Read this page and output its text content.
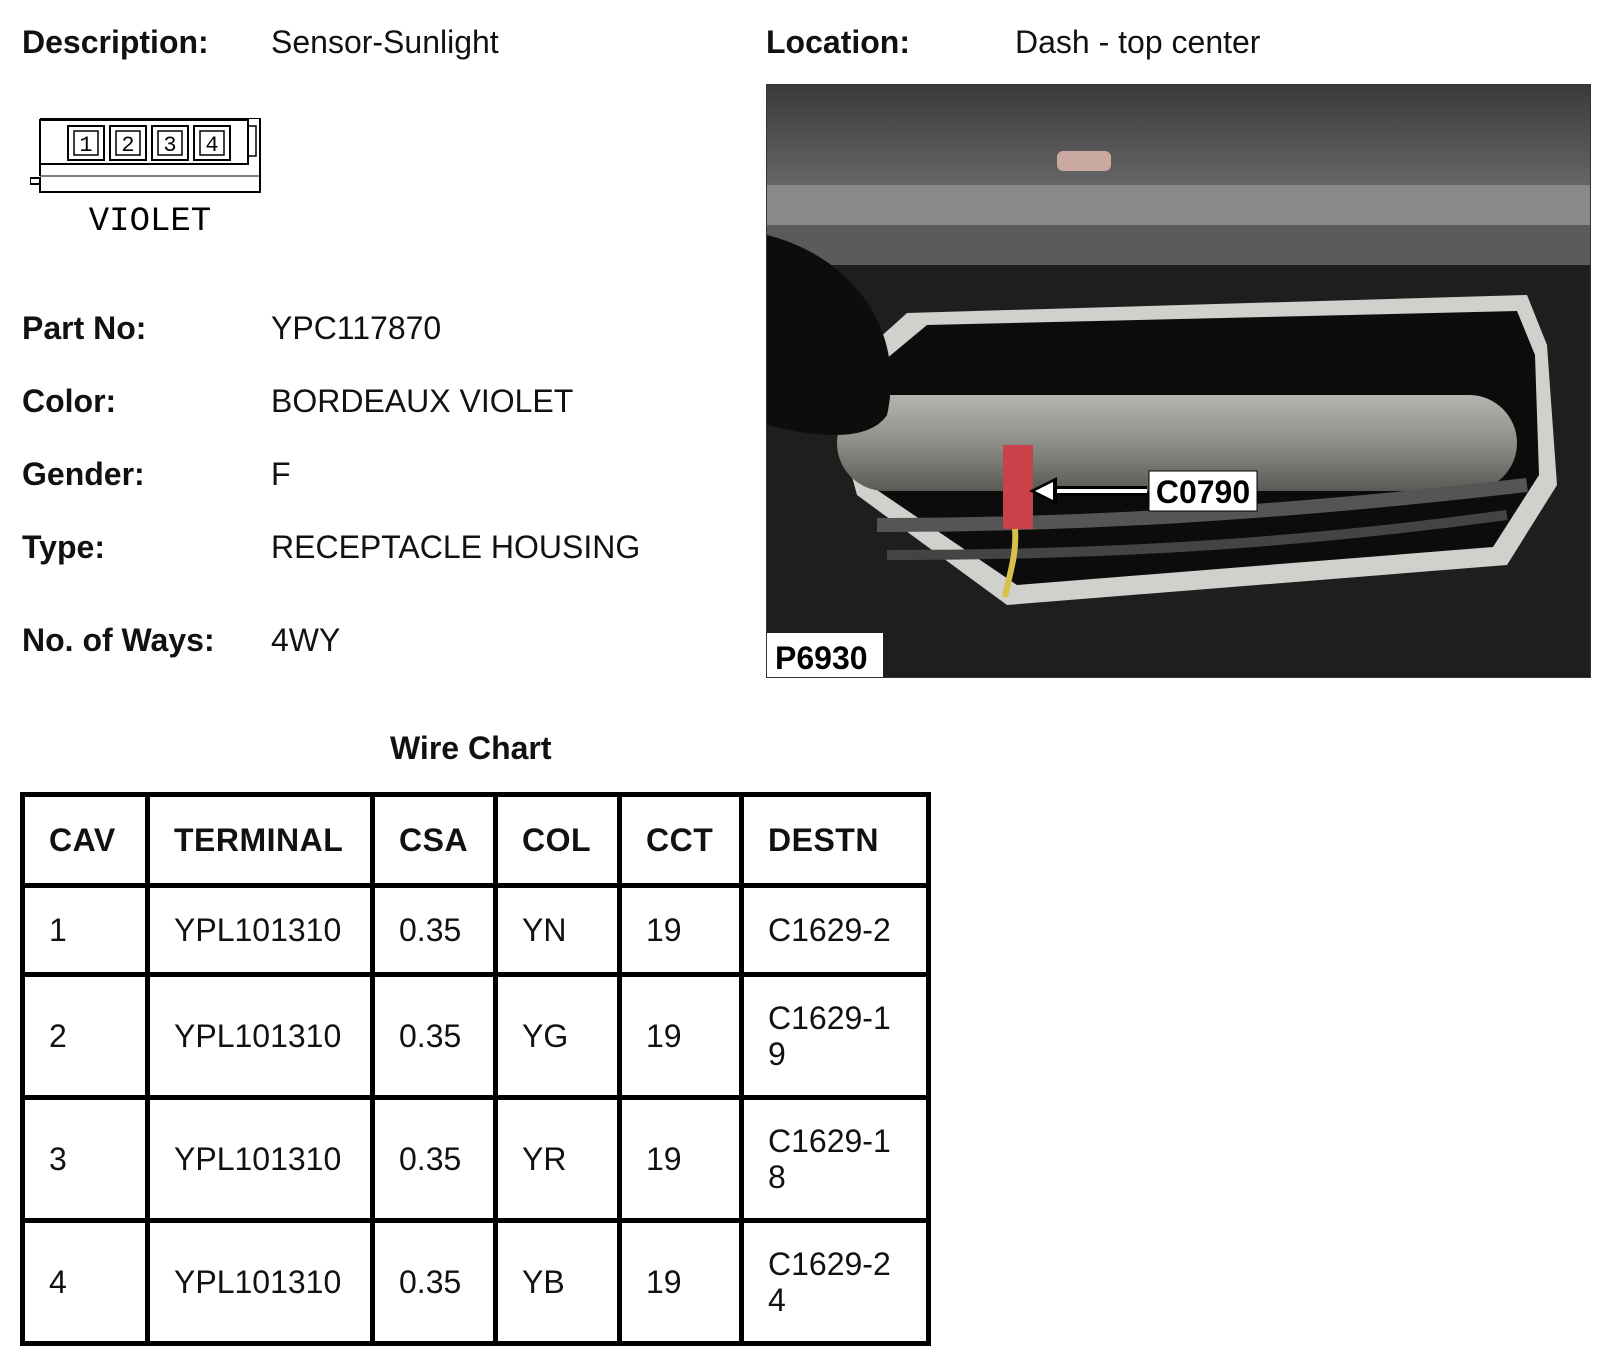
Description: Sensor-Sunlight	Location:	Dash - top center
1 2 3 4
VIOLET
Part No:	YPC117870
Color:	BORDEAUX VIOLET
Gender:	F
Type:	RECEPTACLE HOUSING
No. of Ways: 4WY
C0790
P6930
Wire Chart
CAV	TERMINAL	CSA	COL	CCT	DESTN
1	YPL101310	0.35	YN	19	C1629-2
2	YPL101310	0.35	YG	19	C1629-19
3	YPL101310	0.35	YR	19	C1629-18
4	YPL101310	0.35	YB	19	C1629-24
